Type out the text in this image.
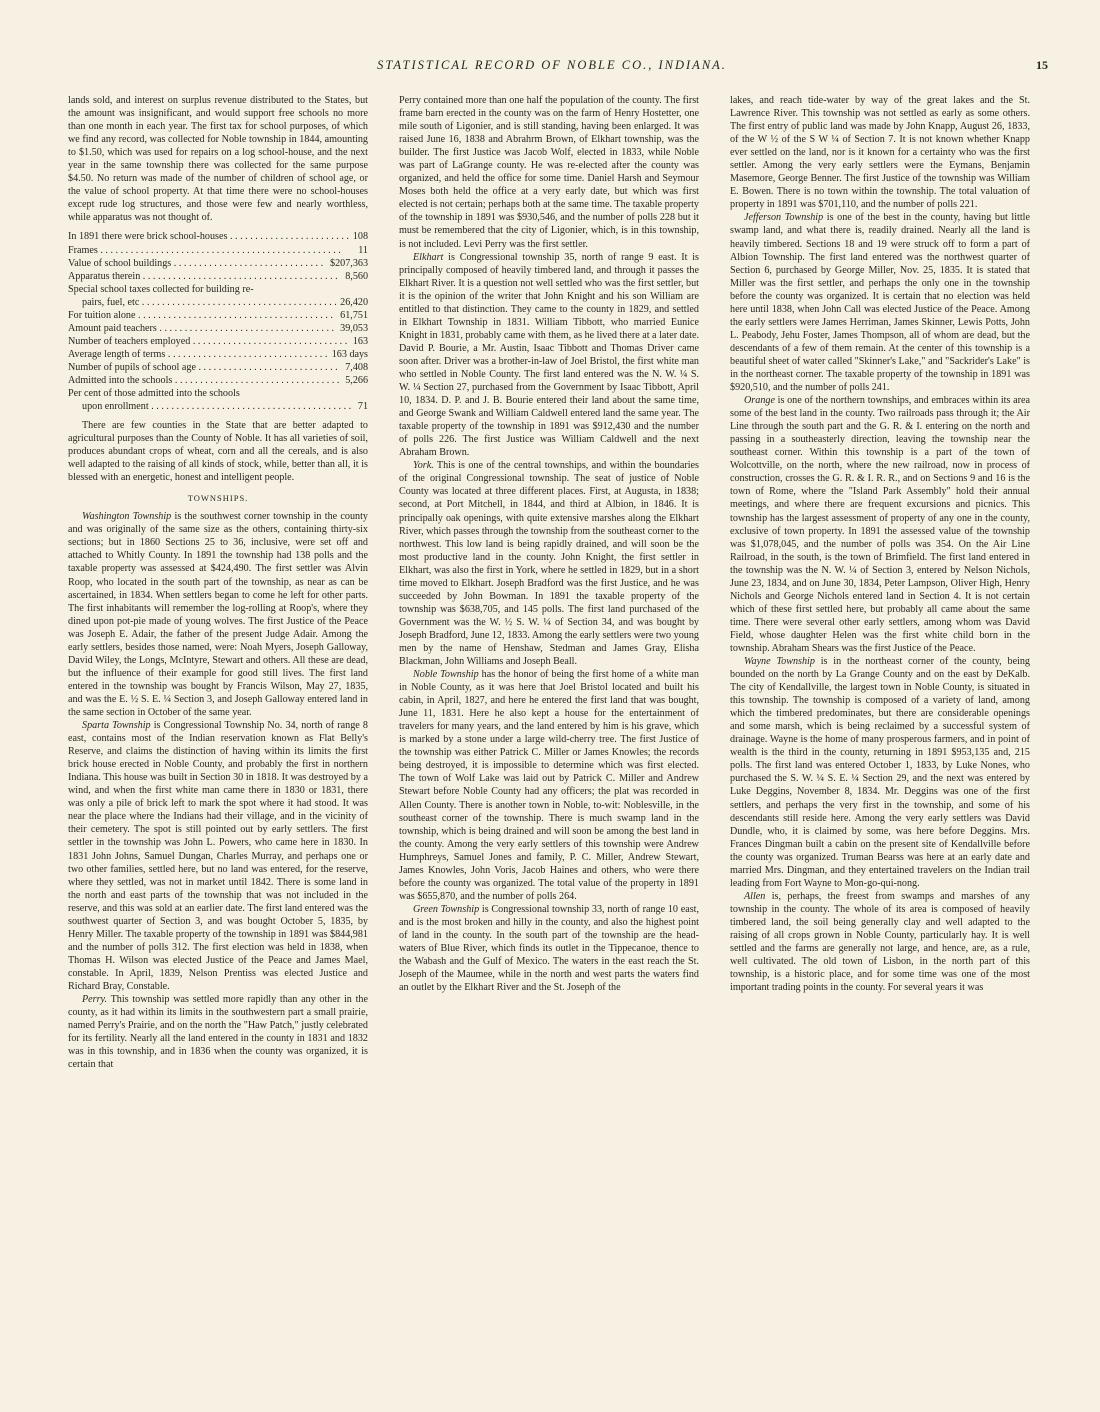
STATISTICAL RECORD OF NOBLE CO., INDIANA.	15

lands sold, and interest on surplus revenue distributed to the States, but the amount was insignificant, and would support free schools no more than one month in each year. The first tax for school purposes, of which we find any record, was collected for Noble township in 1844, amounting to $1.50, which was used for repairs on a log school-house, and the next year in the same township there was collected for the same purpose $4.50. No return was made of the number of children of school age, or the value of school property. At that time there were no school-houses except rude log structures, and those were few and nearly worthless, while apparatus was not thought of.

In 1891 there were brick school-houses . . .	108
Frames . . .	11
Value of school buildings . . .	$207,363
Apparatus therein . . .	8,560
Special school taxes collected for building re-
pairs, fuel, etc . . .	26,420
For tuition alone . . .	61,751
Amount paid teachers . . .	39,053
Number of teachers employed . . .	163
Average length of terms . . .	163 days
Number of pupils of school age . . .	7,408
Admitted into the schools . . .	5,266
Per cent of those admitted into the schools
upon enrollment . . .	71

There are few counties in the State that are better adapted to agricultural purposes than the County of Noble. It has all varieties of soil, produces abundant crops of wheat, corn and all the cereals, and is also well adapted to the raising of all kinds of stock, while, better than all, it is blessed with an energetic, honest and intelligent people.

TOWNSHIPS.

Washington Township is the southwest corner township in the county and was originally of the same size as the others, containing thirty-six sections; but in 1860 Sections 25 to 36, inclusive, were set off and attached to Whitly County. In 1891 the township had 138 polls and the taxable property was assessed at $424,490. The first settler was Alvin Roop, who located in the south part of the township, as near as can be ascertained, in 1834. When settlers began to come he left for other parts. The first inhabitants will remember the log-rolling at Roop's, where they dined upon pot-pie made of young wolves. The first Justice of the Peace was Joseph E. Adair, the father of the present Judge Adair. Among the early settlers, besides those named, were: Noah Myers, Joseph Galloway, David Wiley, the Longs, McIntyre, Stewart and others. All these are dead, but the influence of their example for good still lives. The first land entered in the township was bought by Francis Wilson, May 27, 1835, and was the E. ½ S. E. ¼ Section 3, and Joseph Galloway entered land in the same section in October of the same year.

Sparta Township is Congressional Township No. 34, north of range 8 east, contains most of the Indian reservation known as Flat Belly's Reserve, and claims the distinction of having within its limits the first brick house erected in Noble County, and probably the first in northern Indiana. This house was built in Section 30 in 1818. It was destroyed by a wind, and when the first white man came there in 1830 or 1831, there was only a pile of brick left to mark the spot where it had stood. It was near the place where the Indians had their village, and in the vicinity of their cemetery. The spot is still pointed out by early settlers. The first settler in the township was John L. Powers, who came here in 1830. In 1831 John Johns, Samuel Dungan, Charles Murray, and perhaps one or two other families, settled here, but no land was entered, for the reserve, where they settled, was not in market until 1842. There is some land in the north and east parts of the township that was not included in the reserve, and this was sold at an earlier date. The first land entered was the southwest quarter of Section 3, and was bought October 5, 1835, by Henry Miller. The taxable property of the township in 1891 was $844,981 and the number of polls 312. The first election was held in 1838, when Thomas H. Wilson was elected Justice of the Peace and James Mael, constable. In April, 1839, Nelson Prentiss was elected Justice and Richard Bray, Constable.

Perry. This township was settled more rapidly than any other in the county, as it had within its limits in the southwestern part a small prairie, named Perry's Prairie, and on the north the "Haw Patch," justly celebrated for its fertility. Nearly all the land entered in the county in 1831 and 1832 was in this township, and in 1836 when the county was organized, it is certain that

Perry contained more than one half the population of the county. The first frame barn erected in the county was on the farm of Henry Hostetter, one mile south of Ligonier, and is still standing, having been enlarged. It was raised June 16, 1838 and Abrahrm Brown, of Elkhart township, was the builder. The first Justice was Jacob Wolf, elected in 1833, while Noble was part of LaGrange county. He was re-elected after the county was organized, and held the office for some time. Daniel Harsh and Seymour Moses both held the office at a very early date, but which was first elected is not certain; perhaps both at the same time. The taxable property of the township in 1891 was $930,546, and the number of polls 228 but it must be remembered that the city of Ligonier, which, is in this township, is not included. Levi Perry was the first settler.

Elkhart is Congressional township 35, north of range 9 east. It is principally composed of heavily timbered land, and through it passes the Elkhart River. It is a question not well settled who was the first settler, but it is the opinion of the writer that John Knight and his son William are entitled to that distinction. They came to the county in 1829, and settled in Elkhart Township in 1831. William Tibbott, who married Eunice Knight in 1831, probably came with them, as he lived there at a later date. David P. Bourie, a Mr. Austin, Isaac Tibbott and Thomas Driver came soon after. Driver was a brother-in-law of Joel Bristol, the first white man who settled in Noble County. The first land entered was the N. W. ¼ S. W. ¼ Section 27, purchased from the Government by Isaac Tibbott, April 10, 1834. D. P. and J. B. Bourie entered their land about the same time, and George Swank and William Caldwell entered land the same year. The taxable property of the township in 1891 was $912,430 and the number of polls 226. The first Justice was William Caldwell and the next Abraham Brown.

York. This is one of the central townships, and within the boundaries of the original Congressional township. The seat of justice of Noble County was located at three different places. First, at Augusta, in 1838; second, at Port Mitchell, in 1844, and third at Albion, in 1846. It is principally oak openings, with quite extensive marshes along the Elkhart River, which passes through the township from the southeast corner to the northwest. This low land is being rapidly drained, and will soon be the most productive land in the county. John Knight, the first settler in Elkhart, was also the first in York, where he settled in 1829, but in a short time moved to Elkhart. Joseph Bradford was the first Justice, and he was succeeded by John Bowman. In 1891 the taxable property of the township was $638,705, and 145 polls. The first land purchased of the Government was the W. ½ S. W. ¼ of Section 34, and was bought by Joseph Bradford, June 12, 1833. Among the early settlers were two young men by the name of Henshaw, Stedman and James Gray, Elisha Blackman, John Williams and Joseph Beall.

Noble Township has the honor of being the first home of a white man in Noble County, as it was here that Joel Bristol located and built his cabin, in April, 1827, and here he entered the first land that was bought, June 11, 1831. Here he also kept a house for the entertainment of travelers for many years, and the land entered by him is his grave, which is marked by a stone under a large wild-cherry tree. The first Justice of the township was either Patrick C. Miller or James Knowles; the records being destroyed, it is impossible to determine which was first elected. The town of Wolf Lake was laid out by Patrick C. Miller and Andrew Stewart before Noble County had any officers; the plat was recorded in Allen County. There is another town in Noble, to-wit: Noblesville, in the southeast corner of the township. There is much swamp land in the township, which is being drained and will soon be among the best land in the county. Among the very early settlers of this township were Andrew Humphreys, Samuel Jones and family, P. C. Miller, Andrew Stewart, James Knowles, John Voris, Jacob Haines and others, who were there before the county was organized. The total value of the property in 1891 was $655,870, and the number of polls 264.

Green Township is Congressional township 33, north of range 10 east, and is the most broken and hilly in the county, and also the highest point of land in the county. In the south part of the township are the head-waters of Blue River, which finds its outlet in the Tippecanoe, thence to the Wabash and the Gulf of Mexico. The waters in the east reach the St. Joseph of the Maumee, while in the north and west parts the waters find an outlet by the Elkhart River and the St. Joseph of the

lakes, and reach tide-water by way of the great lakes and the St. Lawrence River. This township was not settled as early as some others. The first entry of public land was made by John Knapp, August 26, 1833, of the W ½ of the S W ¼ of Section 7. It is not known whether Knapp ever settled on the land, nor is it known for a certainty who was the first settler. Among the very early settlers were the Eymans, Benjamin Masemore, George Benner. The first Justice of the township was William E. Bowen. There is no town within the township. The total valuation of property in 1891 was $701,110, and the number of polls 221.

Jefferson Township is one of the best in the county, having but little swamp land, and what there is, readily drained. Nearly all the land is heavily timbered. Sections 18 and 19 were struck off to form a part of Albion Township. The first land entered was the northwest quarter of Section 6, purchased by George Miller, Nov. 25, 1835. It is stated that Miller was the first settler, and perhaps the only one in the township before the county was organized. It is certain that no election was held here until 1838, when John Call was elected Justice of the Peace. Among the early settlers were James Herriman, James Skinner, Lewis Potts, John L. Peabody, Jehu Foster, James Thompson, all of whom are dead, but the descendants of a few of them remain. At the center of this township is a beautiful sheet of water called "Skinner's Lake," and "Sackrider's Lake" is in the northeast corner. The taxable property of the township in 1891 was $920,510, and the number of polls 241.

Orange is one of the northern townships, and embraces within its area some of the best land in the county. Two railroads pass through it; the Air Line through the south part and the G. R. & I. entering on the north and passing in a southeasterly direction, leaving the township near the southeast corner. Within this township is a part of the town of Wolcottville, on the north, where the new railroad, now in process of construction, crosses the G. R. & I. R. R., and on Sections 9 and 16 is the town of Rome, where the "Island Park Assembly" hold their annual meetings, and where there are frequent excursions and picnics. This township has the largest assessment of property of any one in the county, exclusive of town property. In 1891 the assessed value of the township was $1,078,045, and the number of polls was 354. On the Air Line Railroad, in the south, is the town of Brimfield. The first land entered in the township was the N. W. ¼ of Section 3, entered by Nelson Nichols, June 23, 1834, and on June 30, 1834, Peter Lampson, Oliver High, Henry Nichols and George Nichols entered land in Section 4. It is not certain which of these first settled here, but probably all came about the same time. There were several other early settlers, among whom was David Field, whose daughter Helen was the first white child born in the township. Abraham Shears was the first Justice of the Peace.

Wayne Township is in the northeast corner of the county, being bounded on the north by La Grange County and on the east by DeKalb. The city of Kendallville, the largest town in Noble County, is situated in this township. The township is composed of a variety of land, among which the timbered predominates, but there are considerable openings and some marsh, which is being reclaimed by a successful system of drainage. Wayne is the home of many prosperous farmers, and in point of wealth is the third in the county, returning in 1891 $953,135 and, 215 polls. The first land was entered October 1, 1833, by Luke Nones, who purchased the S. W. ¼ S. E. ¼ Section 29, and the next was entered by Luke Deggins, November 8, 1834. Mr. Deggins was one of the first settlers, and perhaps the very first in the township, and some of his descendants still reside here. Among the very early settlers was David Dundle, who, it is claimed by some, was here before Deggins. Mrs. Frances Dingman built a cabin on the present site of Kendallville before the county was organized. Truman Bearss was here at an early date and married Mrs. Dingman, and they entertained travelers on the Indian trail leading from Fort Wayne to Mon-go-qui-nong.

Allen is, perhaps, the freest from swamps and marshes of any township in the county. The whole of its area is composed of heavily timbered land, the soil being generally clay and well adapted to the raising of all crops grown in Noble County, particularly hay. It is well settled and the farms are generally not large, and hence, are, as a rule, well cultivated. The old town of Lisbon, in the north part of this township, is a historic place, and for some time was one of the most important trading points in the county. For several years it was
